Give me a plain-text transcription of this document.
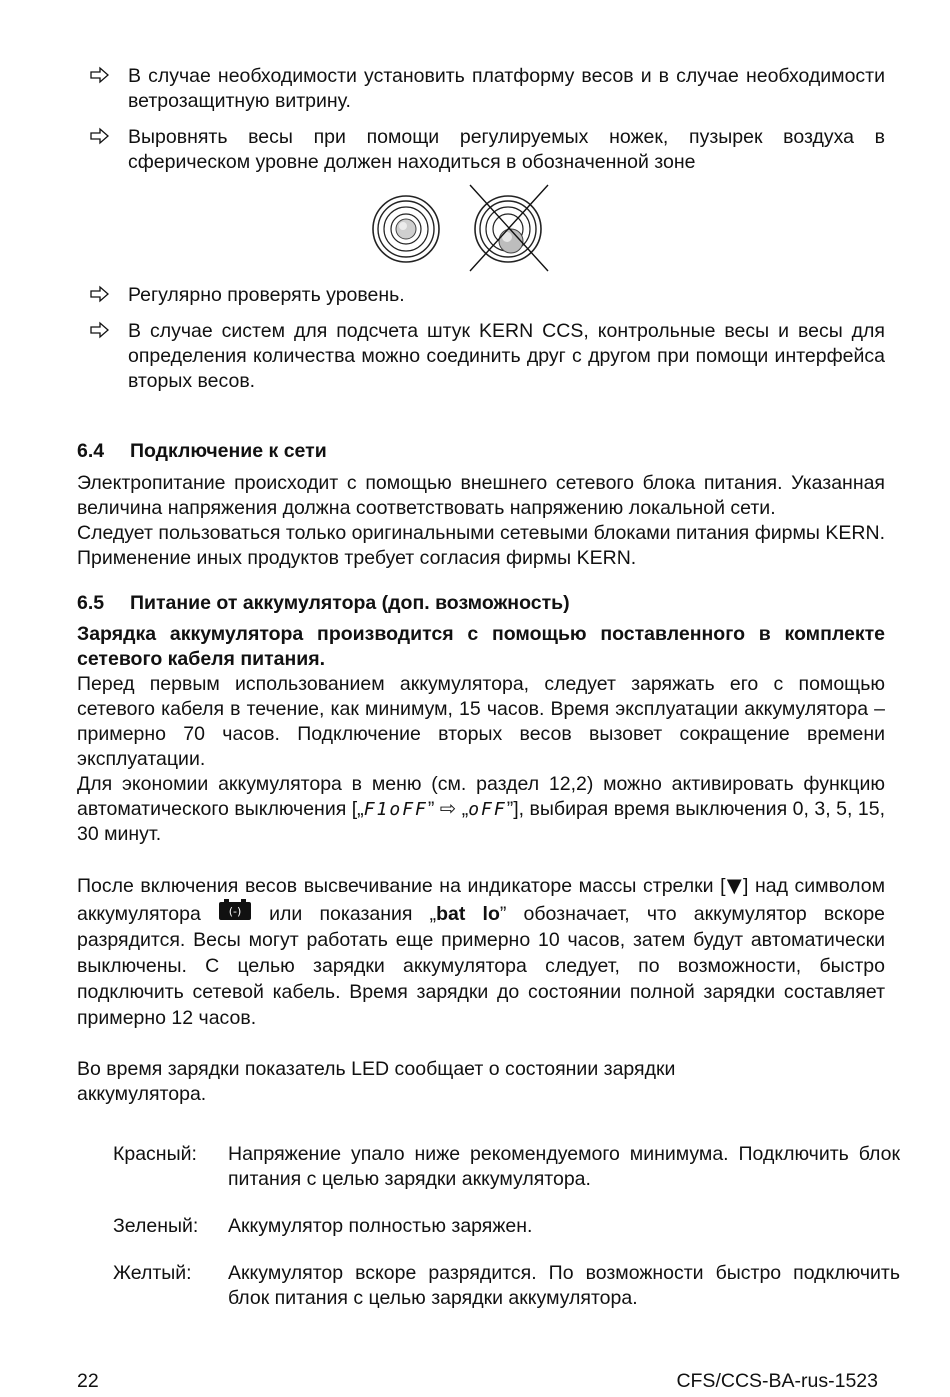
В случае необходимости установить платформу весов и в случае необходимости ветрозащитную витрину.
Выровнять весы при помощи регулируемых ножек, пузырек воздуха в сферическом уровне должен находиться в обозначенной зоне
Регулярно проверять уровень.
В случае систем для подсчета штук KERN CCS, контрольные весы и весы для определения количества можно соединить друг с другом при помощи интерфейса вторых весов.
6.4 Подключение к сети

Электропитание происходит с помощью внешнего сетевого блока питания. Указанная величина напряжения должна соответствовать напряжению локальной сети.

Следует пользоваться только оригинальными сетевыми блоками питания фирмы KERN. Применение иных продуктов требует согласия фирмы KERN.

6.5 Питание от аккумулятора (доп. возможность)

Зарядка аккумулятора производится с помощью поставленного в комплекте сетевого кабеля питания.

Перед первым использованием аккумулятора, следует заряжать его с помощью сетевого кабеля в течение, как минимум, 15 часов. Время эксплуатации аккумулятора – примерно 70 часов. Подключение вторых весов вызовет сокращение времени эксплуатации.

Для экономии аккумулятора в меню (см. раздел 12,2) можно активировать функцию автоматического выключения [„F1oFF” ⇨ „oFF”], выбирая время выключения 0, 3, 5, 15, 30 минут.

После включения весов высвечивание на индикаторе массы стрелки [▼] над символом аккумулятора	(-) или показания „bat lo” обозначает, что аккумулятор вскоре разрядится. Весы могут работать еще примерно 10 часов, затем будут автоматически выключены. С целью зарядки аккумулятора следует, по возможности, быстро подключить сетевой кабель. Время зарядки до состоянии полной зарядки составляет примерно 12 часов.

Во время зарядки показатель LED сообщает о состоянии зарядки аккумулятора.

Красный:	Напряжение упало ниже рекомендуемого минимума. Подключить блок питания с целью зарядки аккумулятора.
Зеленый:	Аккумулятор полностью заряжен.
Желтый:	Аккумулятор вскоре разрядится. По возможности быстро подключить блок питания с целью зарядки аккумулятора.
22	CFS/CCS-BA-rus-1523
